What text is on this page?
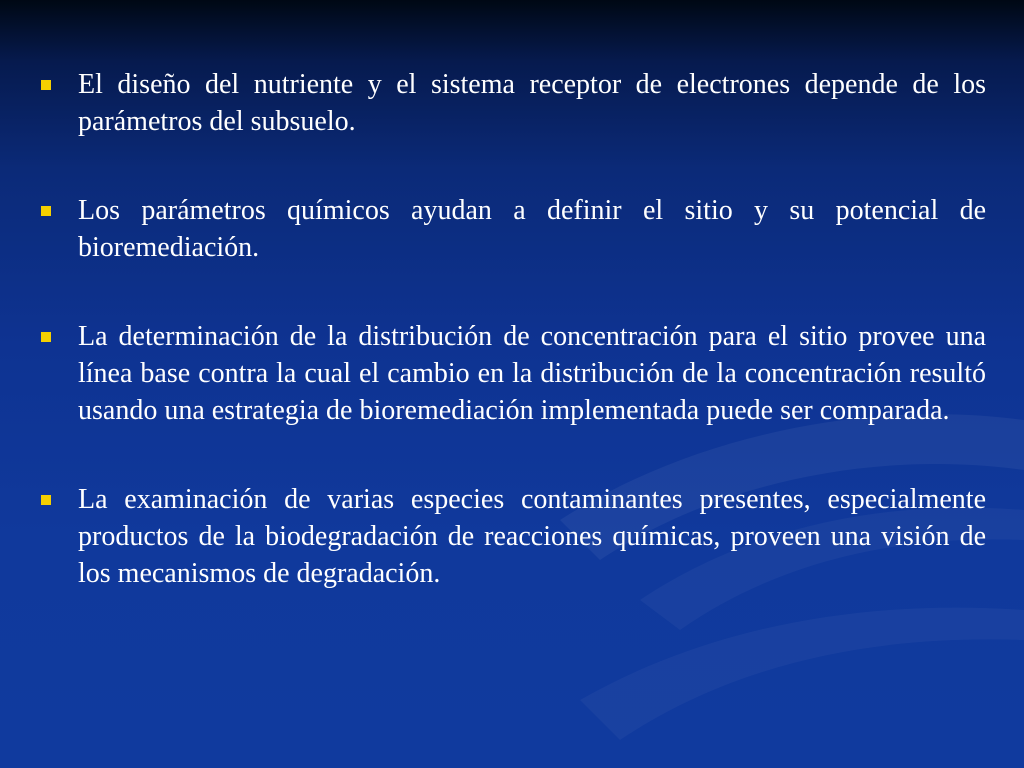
El diseño del nutriente y el sistema receptor de electrones depende de los parámetros del subsuelo.

Los parámetros químicos ayudan a definir el sitio y su potencial de bioremediación.

La determinación de la distribución de concentración para el sitio provee una línea base contra la cual el cambio en la distribución de la concentración resultó usando una estrategia de bioremediación implementada puede ser comparada.

La examinación de varias especies contaminantes presentes, especialmente productos de la biodegradación de reacciones químicas, proveen una visión de los mecanismos de degradación.
